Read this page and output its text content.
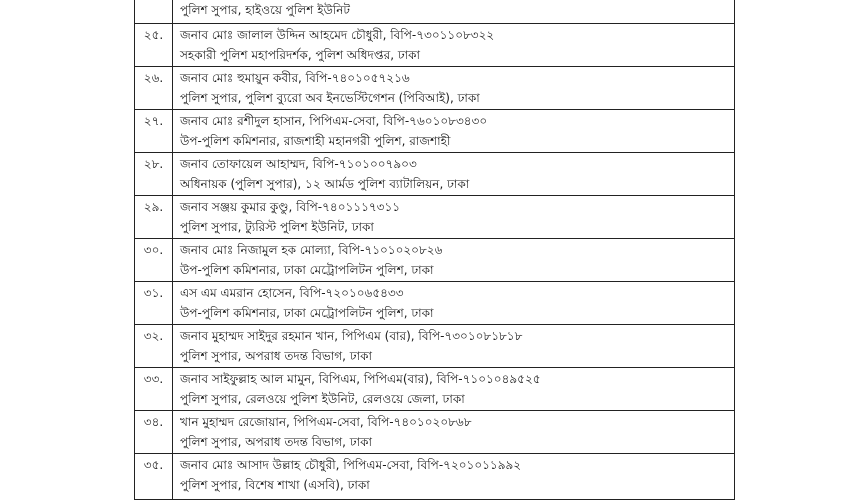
	পুলিশ সুপার, হাইওয়ে পুলিশ ইউনিট

২৫.	জনাব মোঃ জালাল উদ্দিন আহমেদ চৌধুরী, বিপি-৭৩০১১০৮৩২২
সহকারী পুলিশ মহাপরিদর্শক, পুলিশ অধিদপ্তর, ঢাকা

২৬.	জনাব মোঃ হুমায়ুন কবীর, বিপি-৭৪০১০৫৭২১৬
পুলিশ সুপার, পুলিশ ব্যুরো অব ইনভেস্টিগেশন (পিবিআই), ঢাকা

২৭.	জনাব মোঃ রশীদুল হাসান, পিপিএম-সেবা, বিপি-৭৬০১০৮৩৪৩০
উপ-পুলিশ কমিশনার, রাজশাহী মহানগরী পুলিশ, রাজশাহী

২৮.	জনাব তোফায়েল আহাম্মদ, বিপি-৭১০১০০৭৯০৩
অধিনায়ক (পুলিশ সুপার), ১২ আর্মড পুলিশ ব্যাটালিয়ন, ঢাকা

২৯.	জনাব সঞ্জয় কুমার কুণ্ডু, বিপি-৭৪০১১১৭৩১১
পুলিশ সুপার, ট্যুরিস্ট পুলিশ ইউনিট, ঢাকা

৩০.	জনাব মোঃ নিজামুল হক মোল্যা, বিপি-৭১০১০২০৮২৬
উপ-পুলিশ কমিশনার, ঢাকা মেট্রোপলিটন পুলিশ, ঢাকা

৩১.	এস এম এমরান হোসেন, বিপি-৭২০১০৬৫৪৩৩
উপ-পুলিশ কমিশনার, ঢাকা মেট্রোপলিটন পুলিশ, ঢাকা

৩২.	জনাব মুহাম্মদ সাইদুর রহমান খান, পিপিএম (বার), বিপি-৭৩০১০৮১৮১৮
পুলিশ সুপার, অপরাধ তদন্ত বিভাগ, ঢাকা

৩৩.	জনাব সাইফুল্লাহ আল মামুন, বিপিএম, পিপিএম(বার), বিপি-৭১০১০৪৯৫২৫
পুলিশ সুপার, রেলওয়ে পুলিশ ইউনিট, রেলওয়ে জেলা, ঢাকা

৩৪.	খান মুহাম্মদ রেজোয়ান, পিপিএম-সেবা, বিপি-৭৪০১০২০৮৬৮
পুলিশ সুপার, অপরাধ তদন্ত বিভাগ, ঢাকা

৩৫.	জনাব মোঃ আসাদ উল্লাহ চৌধুরী, পিপিএম-সেবা, বিপি-৭২০১০১১৯৯২
পুলিশ সুপার, বিশেষ শাখা (এসবি), ঢাকা
